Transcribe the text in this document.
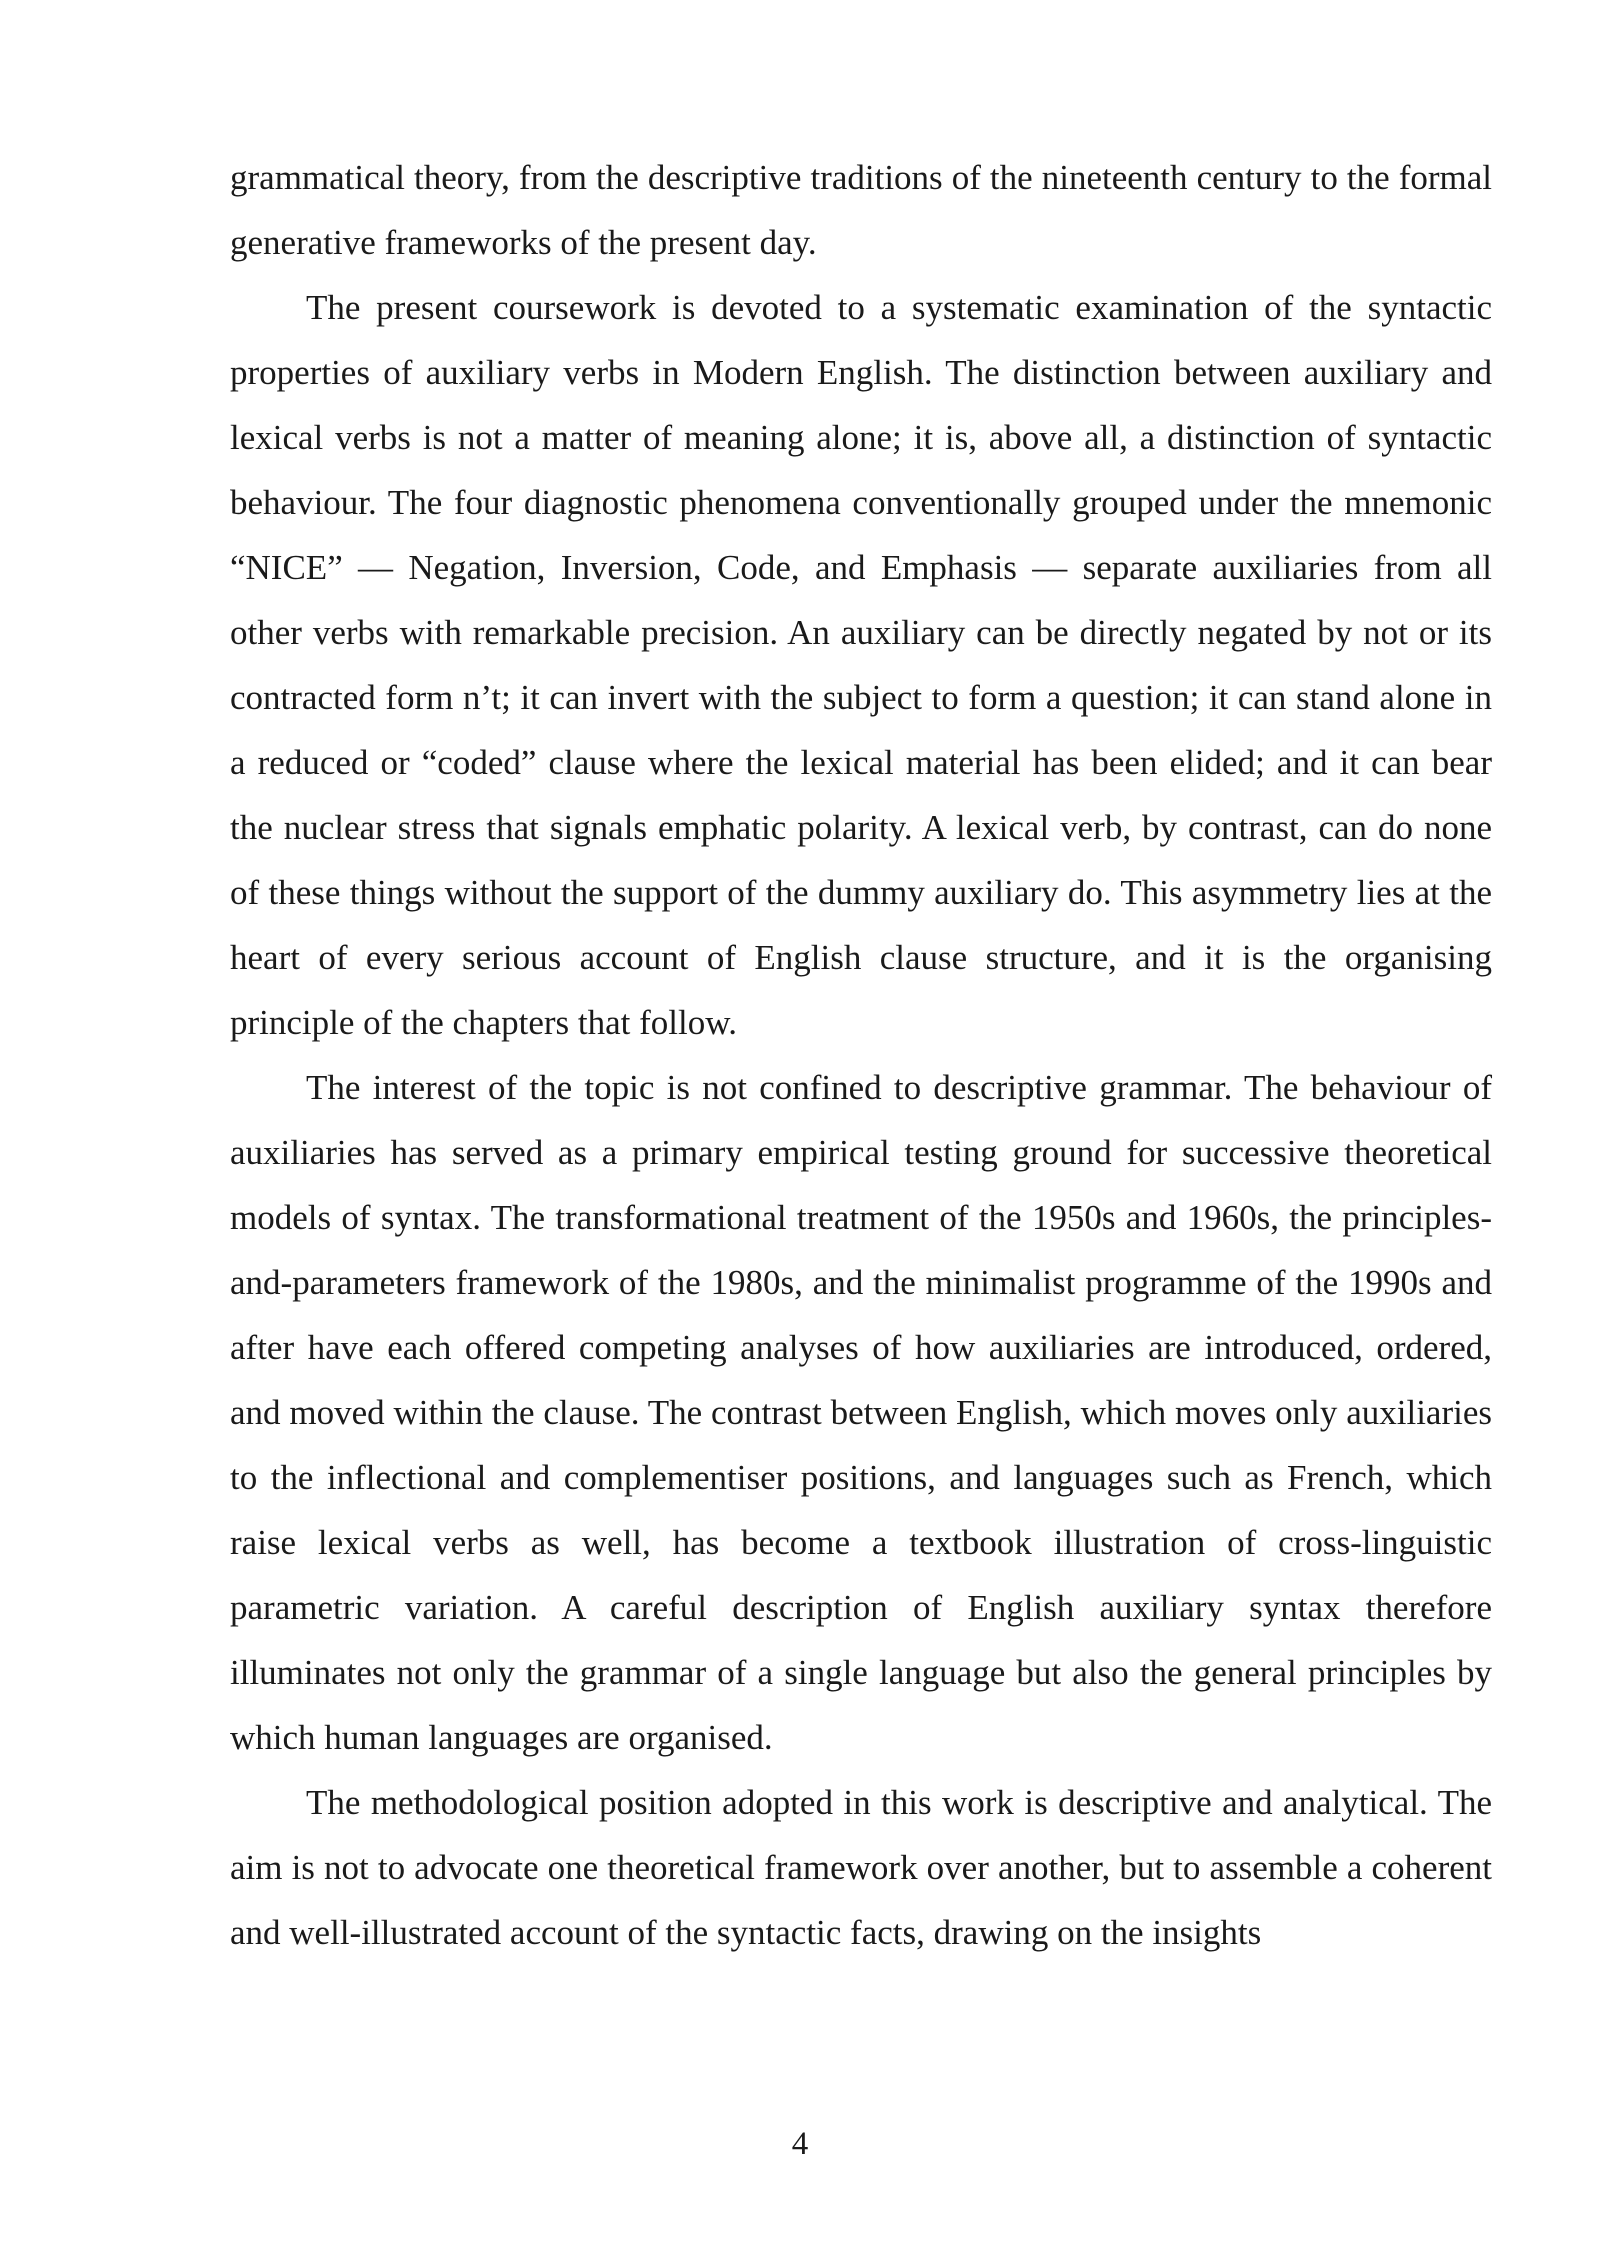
grammatical theory, from the descriptive traditions of the nineteenth century to the formal generative frameworks of the present day.

The present coursework is devoted to a systematic examination of the syntactic properties of auxiliary verbs in Modern English. The distinction between auxiliary and lexical verbs is not a matter of meaning alone; it is, above all, a distinction of syntactic behaviour. The four diagnostic phenomena conventionally grouped under the mnemonic “NICE” — Negation, Inversion, Code, and Emphasis — separate auxiliaries from all other verbs with remarkable precision. An auxiliary can be directly negated by not or its contracted form n’t; it can invert with the subject to form a question; it can stand alone in a reduced or “coded” clause where the lexical material has been elided; and it can bear the nuclear stress that signals emphatic polarity. A lexical verb, by contrast, can do none of these things without the support of the dummy auxiliary do. This asymmetry lies at the heart of every serious account of English clause structure, and it is the organising principle of the chapters that follow.

The interest of the topic is not confined to descriptive grammar. The behaviour of auxiliaries has served as a primary empirical testing ground for successive theoretical models of syntax. The transformational treatment of the 1950s and 1960s, the principles-and-parameters framework of the 1980s, and the minimalist programme of the 1990s and after have each offered competing analyses of how auxiliaries are introduced, ordered, and moved within the clause. The contrast between English, which moves only auxiliaries to the inflectional and complementiser positions, and languages such as French, which raise lexical verbs as well, has become a textbook illustration of cross-linguistic parametric variation. A careful description of English auxiliary syntax therefore illuminates not only the grammar of a single language but also the general principles by which human languages are organised.

The methodological position adopted in this work is descriptive and analytical. The aim is not to advocate one theoretical framework over another, but to assemble a coherent and well-illustrated account of the syntactic facts, drawing on the insights

4
